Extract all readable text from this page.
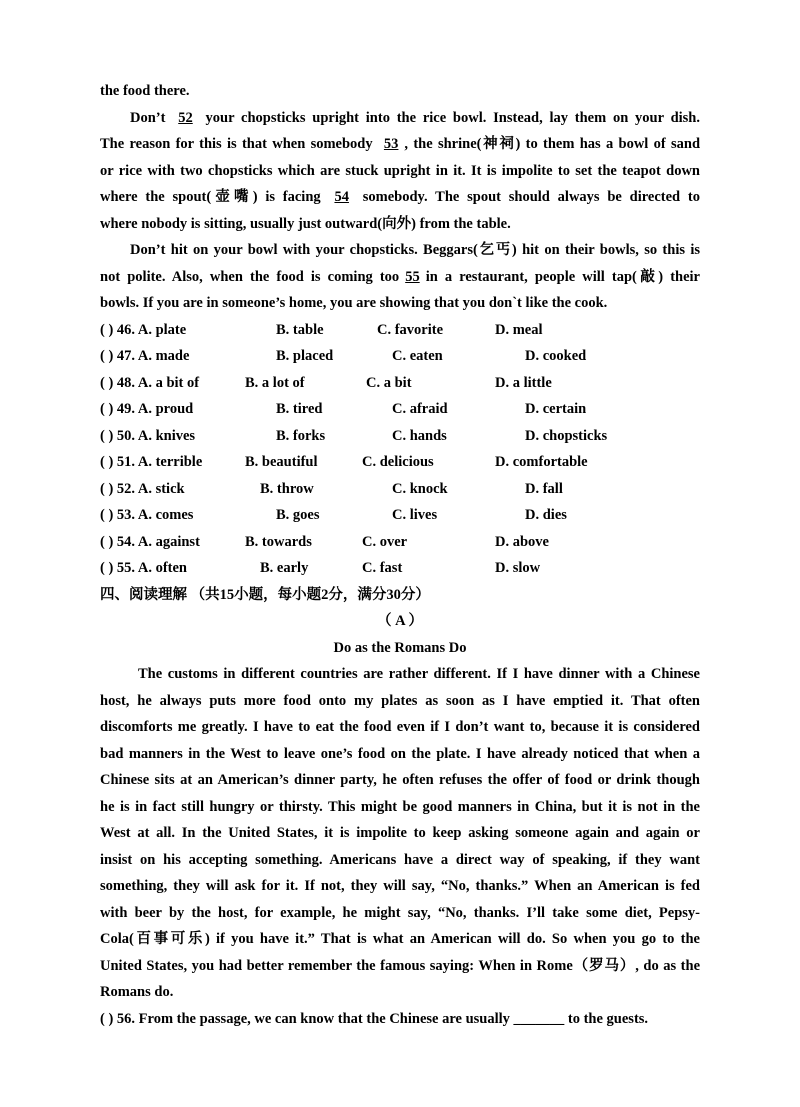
the food there.
Don’t 52 your chopsticks upright into the rice bowl. Instead, lay them on your dish.
The reason for this is that when somebody 53 , the shrine(神祠) to them has a bowl of sand
or rice with two chopsticks which are stuck upright in it. It is impolite to set the teapot down
where the spout(壶嘴) is facing 54 somebody. The spout should always be directed to
where nobody is sitting, usually just outward(向外) from the table.
Don’t hit on your bowl with your chopsticks. Beggars(乞丐) hit on their bowls, so this is
not polite. Also, when the food is coming too 55 in a restaurant, people will tap(敲) their
bowls. If you are in someone’s home, you are showing that you don`t like the cook.
( ) 46. A. plate	B. table	C. favorite	D. meal
( ) 47. A. made	B. placed	C. eaten	D. cooked
( ) 48. A. a bit of	B. a lot of	C. a bit	D. a little
( ) 49. A. proud	B. tired	C. afraid	D. certain
( ) 50. A. knives	B. forks	C. hands	D. chopsticks
( ) 51. A. terrible	B. beautiful	C. delicious	D. comfortable
( ) 52. A. stick	B. throw	C. knock	D. fall
( ) 53. A. comes	B. goes	C. lives	D. dies
( ) 54. A. against	B. towards	C. over	D. above
( ) 55. A. often	B. early	C. fast	D. slow
四、阅读理解 （共15小题，每小题2分，满分30分）
（ A ）
Do as the Romans Do
The customs in different countries are rather different. If I have dinner with a Chinese
host, he always puts more food onto my plates as soon as I have emptied it. That often
discomforts me greatly. I have to eat the food even if I don’t want to, because it is considered
bad manners in the West to leave one’s food on the plate. I have already noticed that when a
Chinese sits at an American’s dinner party, he often refuses the offer of food or drink though
he is in fact still hungry or thirsty. This might be good manners in China, but it is not in the
West at all. In the United States, it is impolite to keep asking someone again and again or
insist on his accepting something. Americans have a direct way of speaking, if they want
something, they will ask for it. If not, they will say, “No, thanks.” When an American is fed
with beer by the host, for example, he might say, “No, thanks. I’ll take some diet, Pepsy-
Cola(百事可乐) if you have it.” That is what an American will do. So when you go to the
United States, you had better remember the famous saying: When in Rome（罗马）, do as the
Romans do.
( ) 56. From the passage, we can know that the Chinese are usually _______ to the guests.
